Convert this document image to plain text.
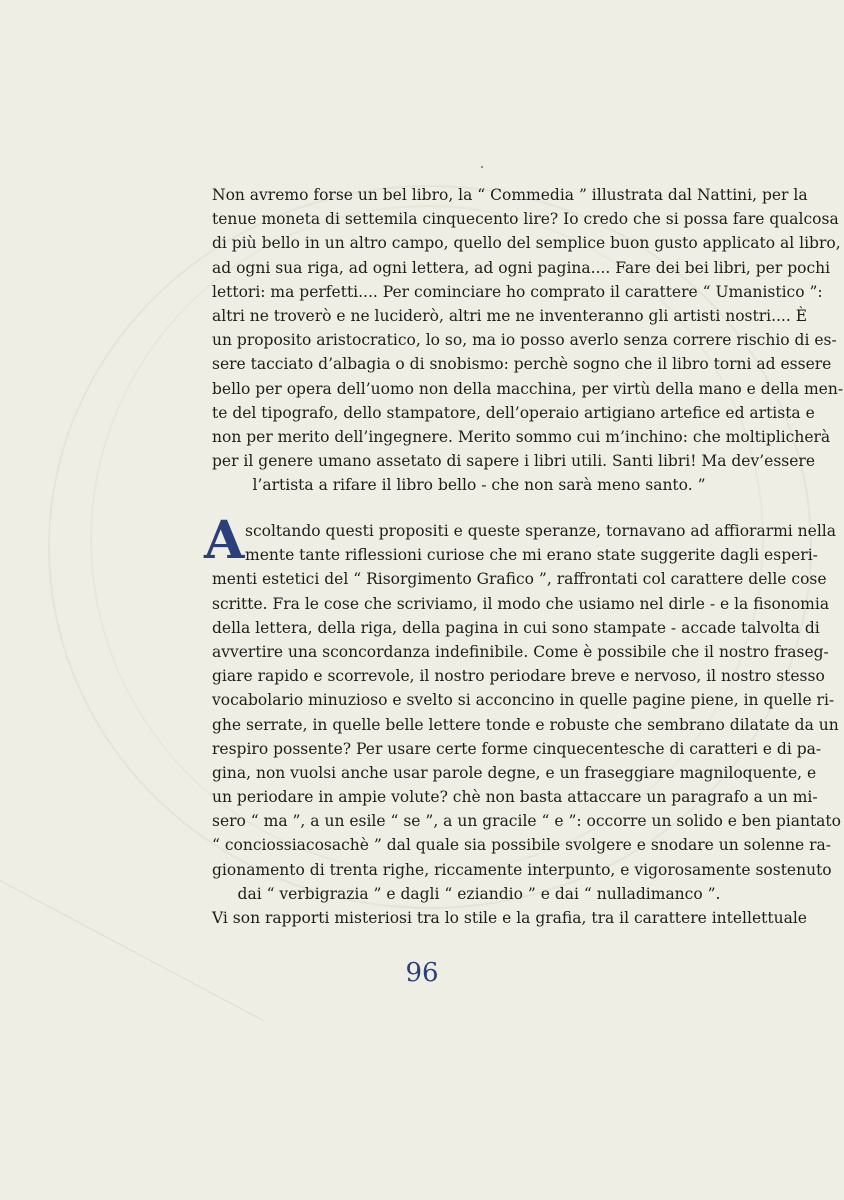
Non avremo forse un bel libro, la “ Commedia ” illustrata dal Nattini, per la
tenue moneta di settemila cinquecento lire? Io credo che si possa fare qualcosa
di più bello in un altro campo, quello del semplice buon gusto applicato al libro,
ad ogni sua riga, ad ogni lettera, ad ogni pagina.... Fare dei bei libri, per pochi
lettori: ma perfetti.... Per cominciare ho comprato il carattere “ Umanistico ”:
altri ne troverò e ne luciderò, altri me ne inventeranno gli artisti nostri.... È
un proposito aristocratico, lo so, ma io posso averlo senza correre rischio di es-
sere tacciato d’albagia o di snobismo: perchè sogno che il libro torni ad essere
bello per opera dell’uomo non della macchina, per virtù della mano e della men-
te del tipografo, dello stampatore, dell’operaio artigiano artefice ed artista e
non per merito dell’ingegnere. Merito sommo cui m’inchino: che moltiplicherà
per il genere umano assetato di sapere i libri utili. Santi libri! Ma dev’essere
l’artista a rifare il libro bello - che non sarà meno santo. ”
A scoltando questi propositi e queste speranze, tornavano ad affiorarmi nella
mente tante riflessioni curiose che mi erano state suggerite dagli esperi-
menti estetici del “ Risorgimento Grafico ”, raffrontati col carattere delle cose
scritte. Fra le cose che scriviamo, il modo che usiamo nel dirle - e la fisonomia
della lettera, della riga, della pagina in cui sono stampate - accade talvolta di
avvertire una sconcordanza indefinibile. Come è possibile che il nostro fraseg-
giare rapido e scorrevole, il nostro periodare breve e nervoso, il nostro stesso
vocabolario minuzioso e svelto si acconcino in quelle pagine piene, in quelle ri-
ghe serrate, in quelle belle lettere tonde e robuste che sembrano dilatate da un
respiro possente? Per usare certe forme cinquecentesche di caratteri e di pa-
gina, non vuolsi anche usar parole degne, e un fraseggiare magniloquente, e
un periodare in ampie volute? chè non basta attaccare un paragrafo a un mi-
sero “ ma ”, a un esile “ se ”, a un gracile “ e ”: occorre un solido e ben piantato
“ conciossiacosachè ” dal quale sia possibile svolgere e snodare un solenne ra-
gionamento di trenta righe, riccamente interpunto, e vigorosamente sostenuto
dai “ verbigrazia ” e dagli “ eziandio ” e dai “ nulladimanco ”.
Vi son rapporti misteriosi tra lo stile e la grafia, tra il carattere intellettuale
96
